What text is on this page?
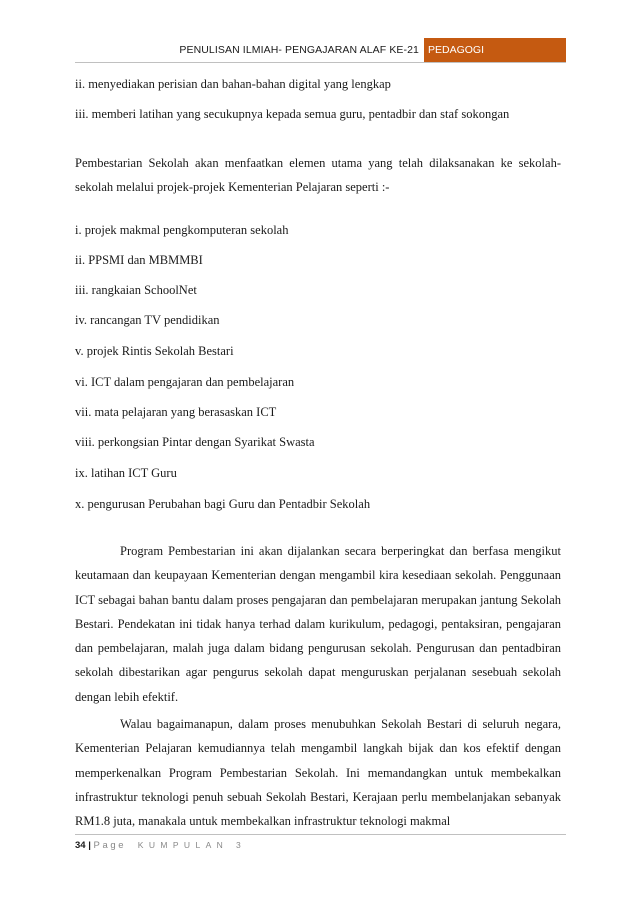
PENULISAN ILMIAH- PENGAJARAN ALAF KE-21 PEDAGOGI
ii. menyediakan perisian dan bahan-bahan digital yang lengkap
iii. memberi latihan yang secukupnya kepada semua guru, pentadbir dan staf sokongan
Pembestarian Sekolah akan menfaatkan elemen utama yang telah dilaksanakan ke sekolah-sekolah melalui projek-projek Kementerian Pelajaran seperti :-
i. projek makmal pengkomputeran sekolah
ii. PPSMI dan MBMMBI
iii. rangkaian SchoolNet
iv. rancangan TV pendidikan
v. projek Rintis Sekolah Bestari
vi. ICT dalam pengajaran dan pembelajaran
vii. mata pelajaran yang berasaskan ICT
viii. perkongsian Pintar dengan Syarikat Swasta
ix. latihan ICT Guru
x. pengurusan Perubahan bagi Guru dan Pentadbir Sekolah
Program Pembestarian ini akan dijalankan secara berperingkat dan berfasa mengikut keutamaan dan keupayaan Kementerian dengan mengambil kira kesediaan sekolah. Penggunaan ICT sebagai bahan bantu dalam proses pengajaran dan pembelajaran merupakan jantung Sekolah Bestari. Pendekatan ini tidak hanya terhad dalam kurikulum, pedagogi, pentaksiran, pengajaran dan pembelajaran, malah juga dalam bidang pengurusan sekolah. Pengurusan dan pentadbiran sekolah dibestarikan agar pengurus sekolah dapat menguruskan perjalanan sesebuah sekolah dengan lebih efektif.
Walau bagaimanapun, dalam proses menubuhkan Sekolah Bestari di seluruh negara, Kementerian Pelajaran kemudiannya telah mengambil langkah bijak dan kos efektif dengan memperkenalkan Program Pembestarian Sekolah. Ini memandangkan untuk membekalkan infrastruktur teknologi penuh sebuah Sekolah Bestari, Kerajaan perlu membelanjakan sebanyak RM1.8 juta, manakala untuk membekalkan infrastruktur teknologi makmal
34 | Page KUMPULAN 3
